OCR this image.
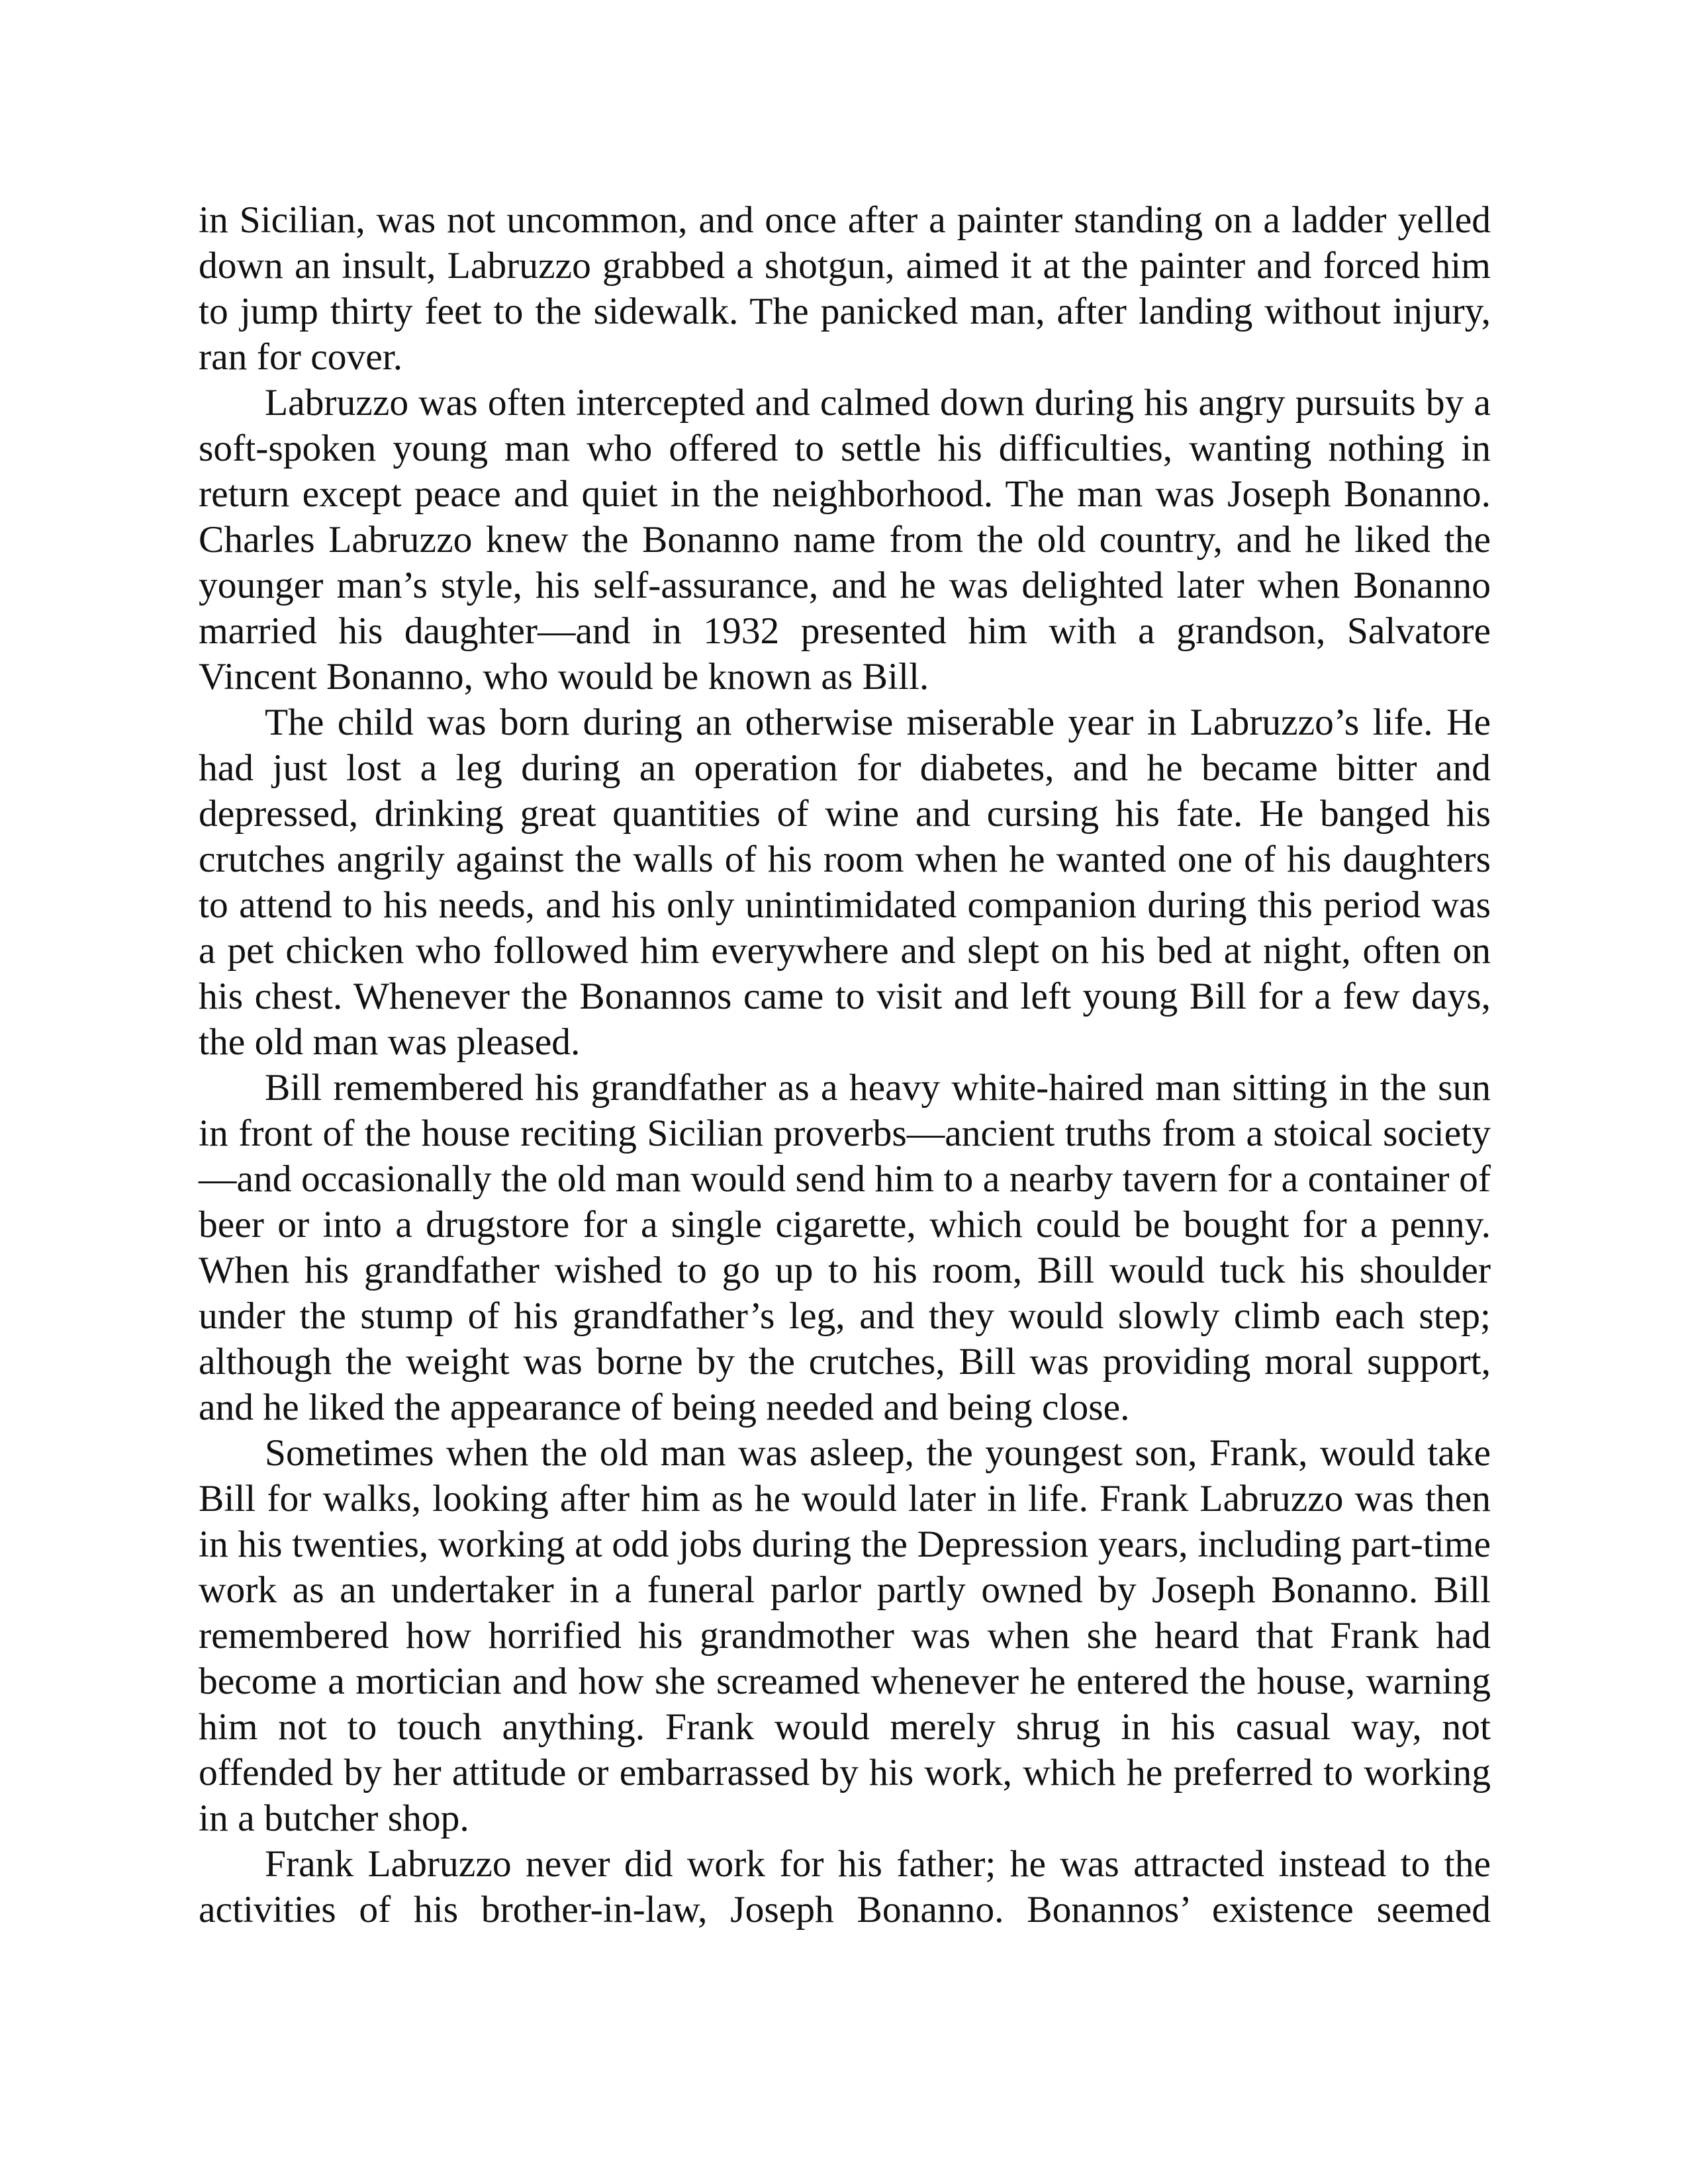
in Sicilian, was not uncommon, and once after a painter standing on a ladder yelled down an insult, Labruzzo grabbed a shotgun, aimed it at the painter and forced him to jump thirty feet to the sidewalk. The panicked man, after landing without injury, ran for cover.

Labruzzo was often intercepted and calmed down during his angry pursuits by a soft-spoken young man who offered to settle his difficulties, wanting nothing in return except peace and quiet in the neighborhood. The man was Joseph Bonanno. Charles Labruzzo knew the Bonanno name from the old country, and he liked the younger man’s style, his self-assurance, and he was delighted later when Bonanno married his daughter—and in 1932 presented him with a grandson, Salvatore Vincent Bonanno, who would be known as Bill.

The child was born during an otherwise miserable year in Labruzzo’s life. He had just lost a leg during an operation for diabetes, and he became bitter and depressed, drinking great quantities of wine and cursing his fate. He banged his crutches angrily against the walls of his room when he wanted one of his daughters to attend to his needs, and his only unintimidated companion during this period was a pet chicken who followed him everywhere and slept on his bed at night, often on his chest. Whenever the Bonannos came to visit and left young Bill for a few days, the old man was pleased.

Bill remembered his grandfather as a heavy white-haired man sitting in the sun in front of the house reciting Sicilian proverbs—ancient truths from a stoical society—and occasionally the old man would send him to a nearby tavern for a container of beer or into a drugstore for a single cigarette, which could be bought for a penny. When his grandfather wished to go up to his room, Bill would tuck his shoulder under the stump of his grandfather’s leg, and they would slowly climb each step; although the weight was borne by the crutches, Bill was providing moral support, and he liked the appearance of being needed and being close.

Sometimes when the old man was asleep, the youngest son, Frank, would take Bill for walks, looking after him as he would later in life. Frank Labruzzo was then in his twenties, working at odd jobs during the Depression years, including part-time work as an undertaker in a funeral parlor partly owned by Joseph Bonanno. Bill remembered how horrified his grandmother was when she heard that Frank had become a mortician and how she screamed whenever he entered the house, warning him not to touch anything. Frank would merely shrug in his casual way, not offended by her attitude or embarrassed by his work, which he preferred to working in a butcher shop.

Frank Labruzzo never did work for his father; he was attracted instead to the activities of his brother-in-law, Joseph Bonanno. Bonannos’ existence seemed
